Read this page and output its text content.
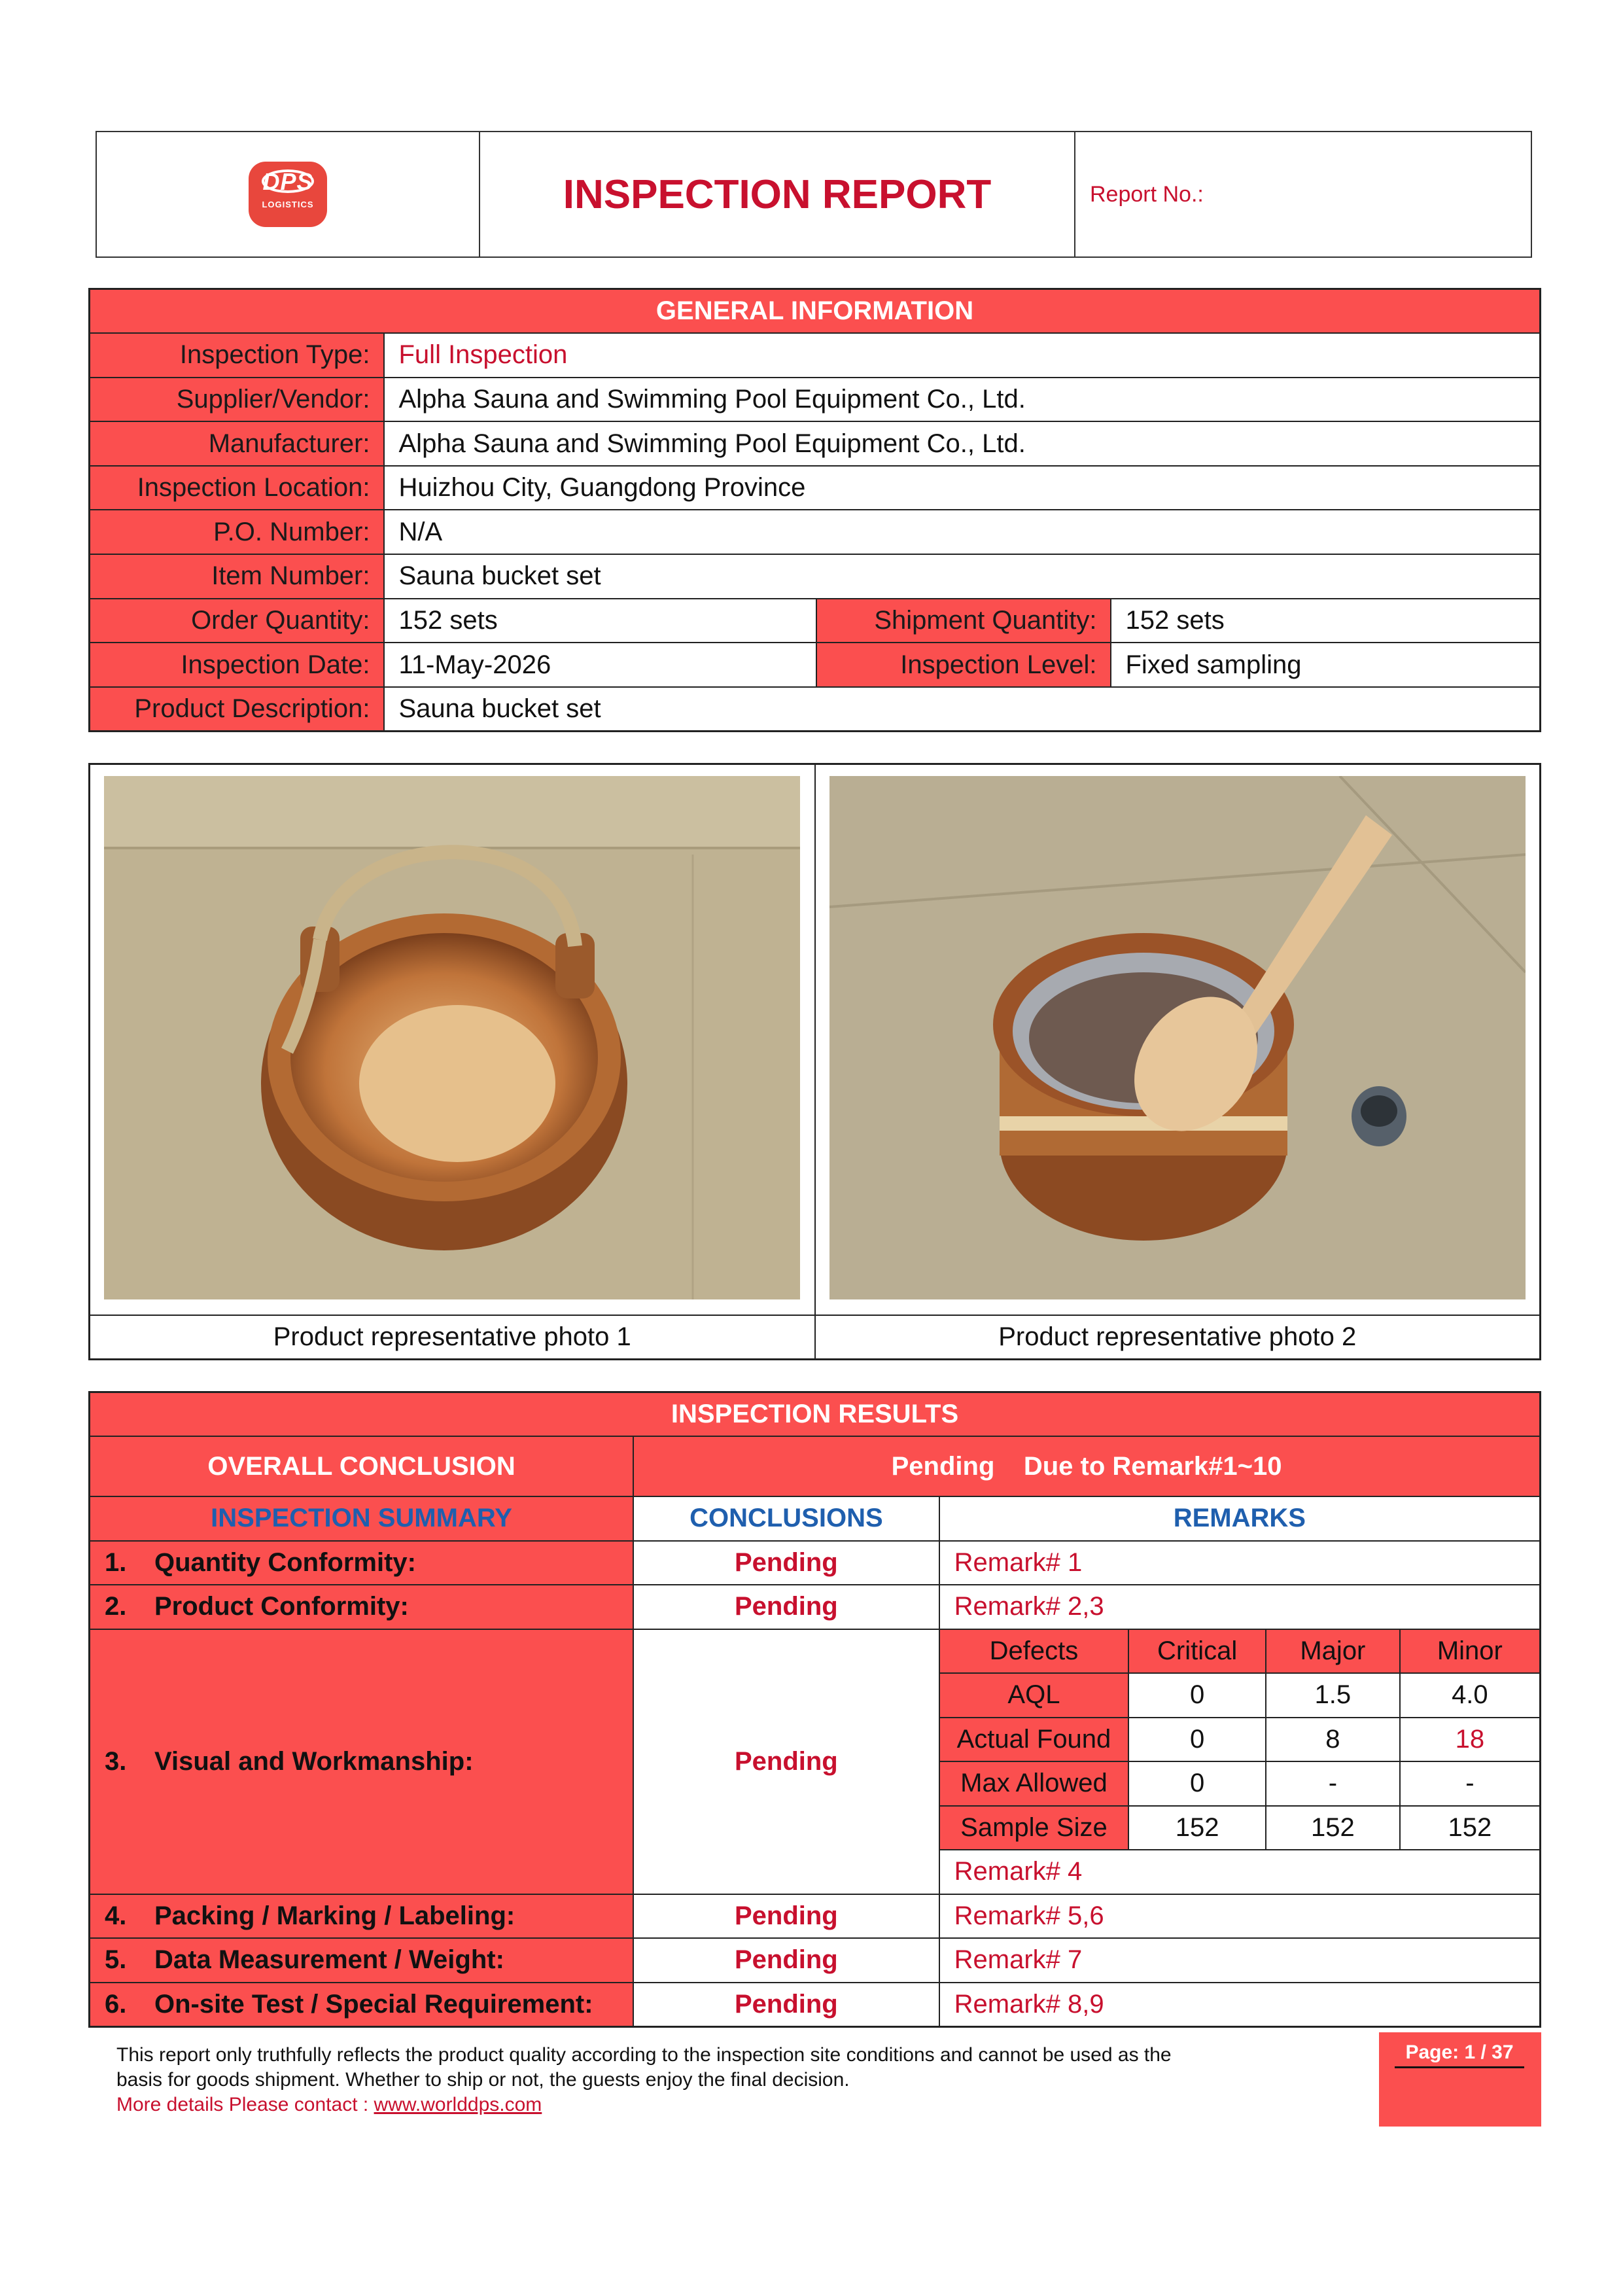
DPS
LOGISTICS	INSPECTION REPORT	Report No.:
GENERAL INFORMATION			
Inspection Type:	Full Inspection		
Supplier/Vendor:	Alpha Sauna and Swimming Pool Equipment Co., Ltd.		
Manufacturer:	Alpha Sauna and Swimming Pool Equipment Co., Ltd.		
Inspection Location:	Huizhou City, Guangdong Province		
P.O. Number:	N/A		
Item Number:	Sauna bucket set		
Order Quantity:	152 sets	Shipment Quantity:	152 sets
Inspection Date:	11-May-2026	Inspection Level:	Fixed sampling
Product Description:	Sauna bucket set		

Product representative photo 1	Product representative photo 2
INSPECTION RESULTS					
OVERALL CONCLUSION	Pending    Due to Remark#1~10				
INSPECTION SUMMARY	CONCLUSIONS	REMARKS			
1. Quantity Conformity:	Pending	Remark# 1			
2. Product Conformity:	Pending	Remark# 2,3			
3. Visual and Workmanship:	Pending	Defects	Critical	Major	Minor
		AQL	0	1.5	4.0
		Actual Found	0	8	18
		Max Allowed	0	-	-
		Sample Size	152	152	152
		Remark# 4			
4. Packing / Marking / Labeling:	Pending	Remark# 5,6			
5. Data Measurement / Weight:	Pending	Remark# 7			
6. On-site Test / Special Requirement:	Pending	Remark# 8,9			
This report only truthfully reflects the product quality according to the inspection site conditions and cannot be used as the
basis for goods shipment. Whether to ship or not, the guests enjoy the final decision.
More details Please contact : www.worlddps.com
Page: 1 / 37
